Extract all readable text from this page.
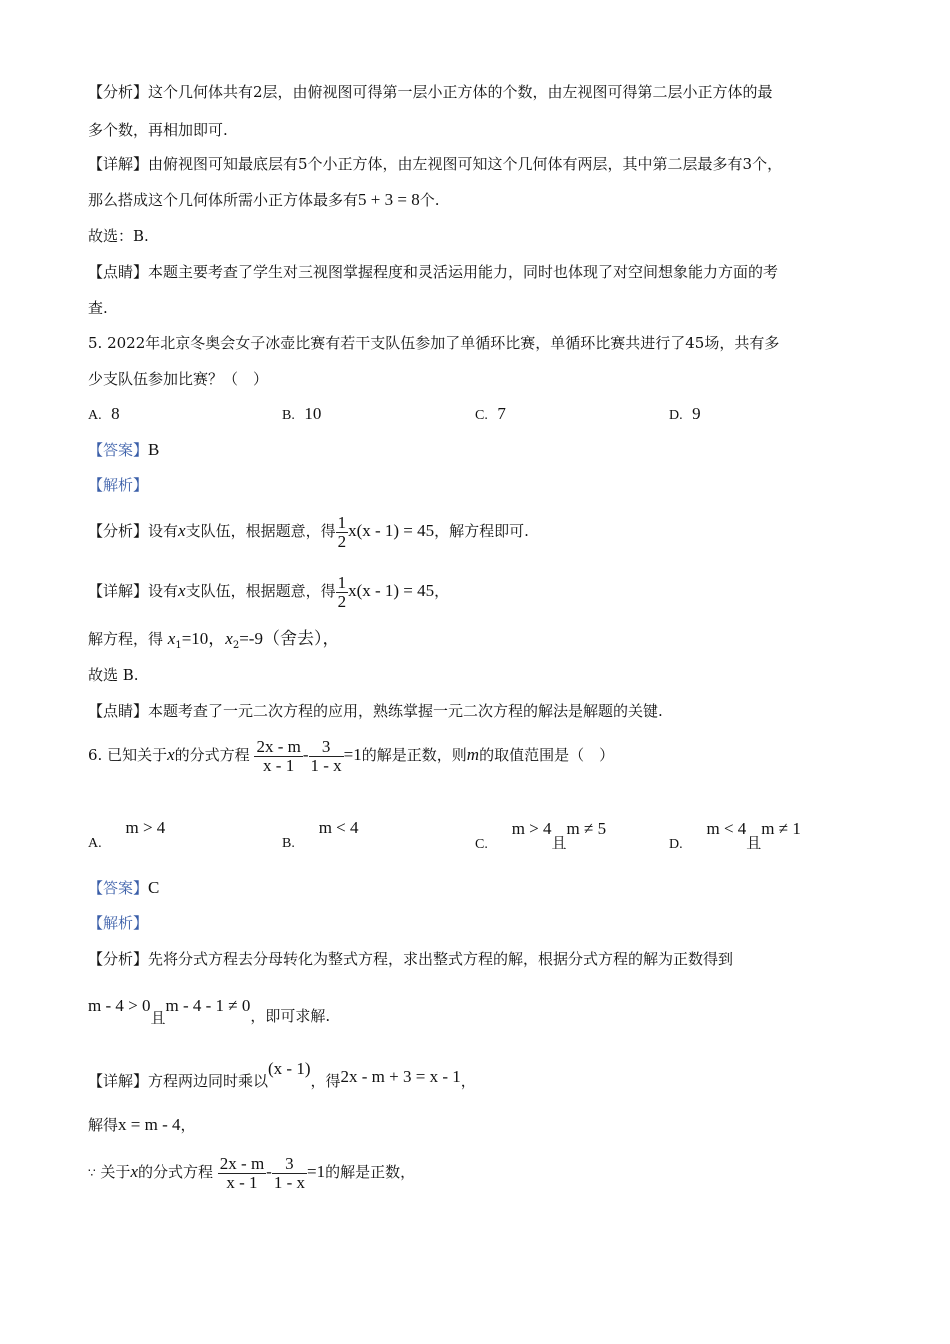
【分析】这个几何体共有2层，由俯视图可得第一层小正方体的个数，由左视图可得第二层小正方体的最
多个数，再相加即可.
【详解】由俯视图可知最底层有5个小正方体，由左视图可知这个几何体有两层，其中第二层最多有3个，
那么搭成这个几何体所需小正方体最多有5 + 3 = 8个.
故选：B.
【点睛】本题主要考查了学生对三视图掌握程度和灵活运用能力，同时也体现了对空间想象能力方面的考
查.
5. 2022年北京冬奥会女子冰壶比赛有若干支队伍参加了单循环比赛，单循环比赛共进行了45场，共有多
少支队伍参加比赛？（　）
A. 8	B. 10	C. 7	D. 9
【答案】B
【解析】
【分析】设有x支队伍，根据题意，得 $\frac{1}{2} x(x - 1) = 45$，解方程即可.
【详解】设有x支队伍，根据题意，得 $\frac{1}{2} x(x - 1) = 45$，
解方程，得 $x_1=10$，$x_2=-9$（舍去），
故选 B.
【点睛】本题考查了一元二次方程的应用，熟练掌握一元二次方程的解法是解题的关键.
6. 已知关于x的分式方程 $\frac{2x - m}{x - 1} - \frac{3}{1 - x} =1$的解是正数，则m的取值范围是（　）
A.     m > 4
B.     m < 4
C.     m > 4且m ≠ 5
D.     m < 4且m ≠ 1
【答案】C
【解析】
【分析】先将分式方程去分母转化为整式方程，求出整式方程的解，根据分式方程的解为正数得到
m - 4 > 0且m - 4 - 1 ≠ 0，即可求解.
【详解】方程两边同时乘以(x - 1)，得2x - m + 3 = x - 1，
解得x = m - 4，
∵ 关于x的分式方程 $\frac{2x - m}{x - 1} - \frac{3}{1 - x} =1$的解是正数，
